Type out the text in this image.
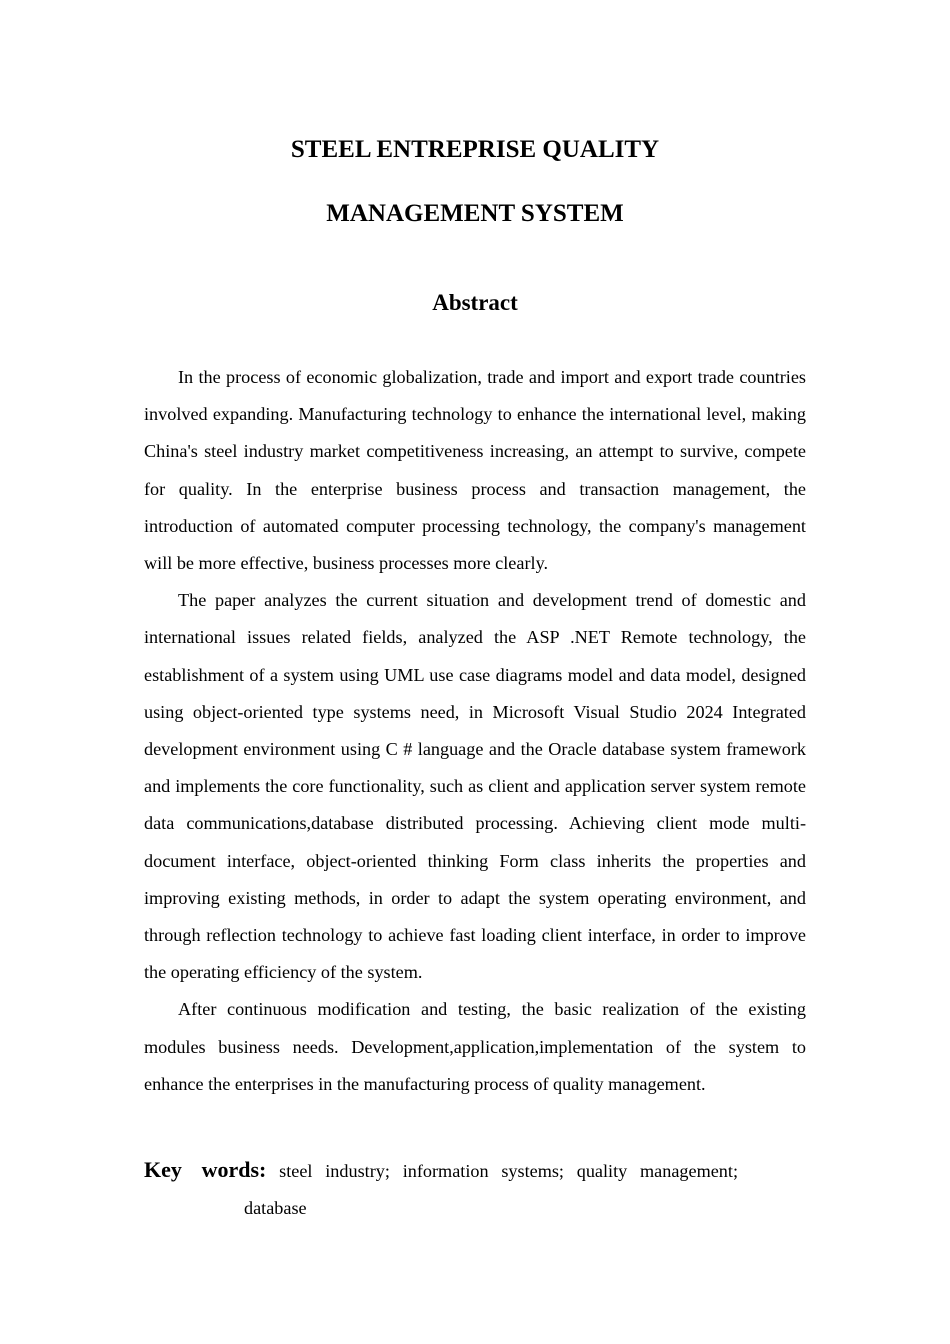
STEEL ENTREPRISE QUALITY
MANAGEMENT SYSTEM
Abstract

In the process of economic globalization, trade and import and export trade countries involved expanding. Manufacturing technology to enhance the international level, making China's steel industry market competitiveness increasing, an attempt to survive, compete for quality. In the enterprise business process and transaction management, the introduction of automated computer processing technology, the company's management will be more effective, business processes more clearly.

The paper analyzes the current situation and development trend of domestic and international issues related fields, analyzed the ASP .NET Remote technology, the establishment of a system using UML use case diagrams model and data model, designed using object-oriented type systems need, in Microsoft Visual Studio 2024 Integrated development environment using C # language and the Oracle database system framework and implements the core functionality, such as client and application server system remote data communications,database distributed processing. Achieving client mode multi-document interface, object-oriented thinking Form class inherits the properties and improving existing methods, in order to adapt the system operating environment, and through reflection technology to achieve fast loading client interface, in order to improve the operating efficiency of the system.

After continuous modification and testing, the basic realization of the existing modules business needs. Development,application,implementation of the system to enhance the enterprises in the manufacturing process of quality management.

Key words: steel industry; information systems; quality management; database
